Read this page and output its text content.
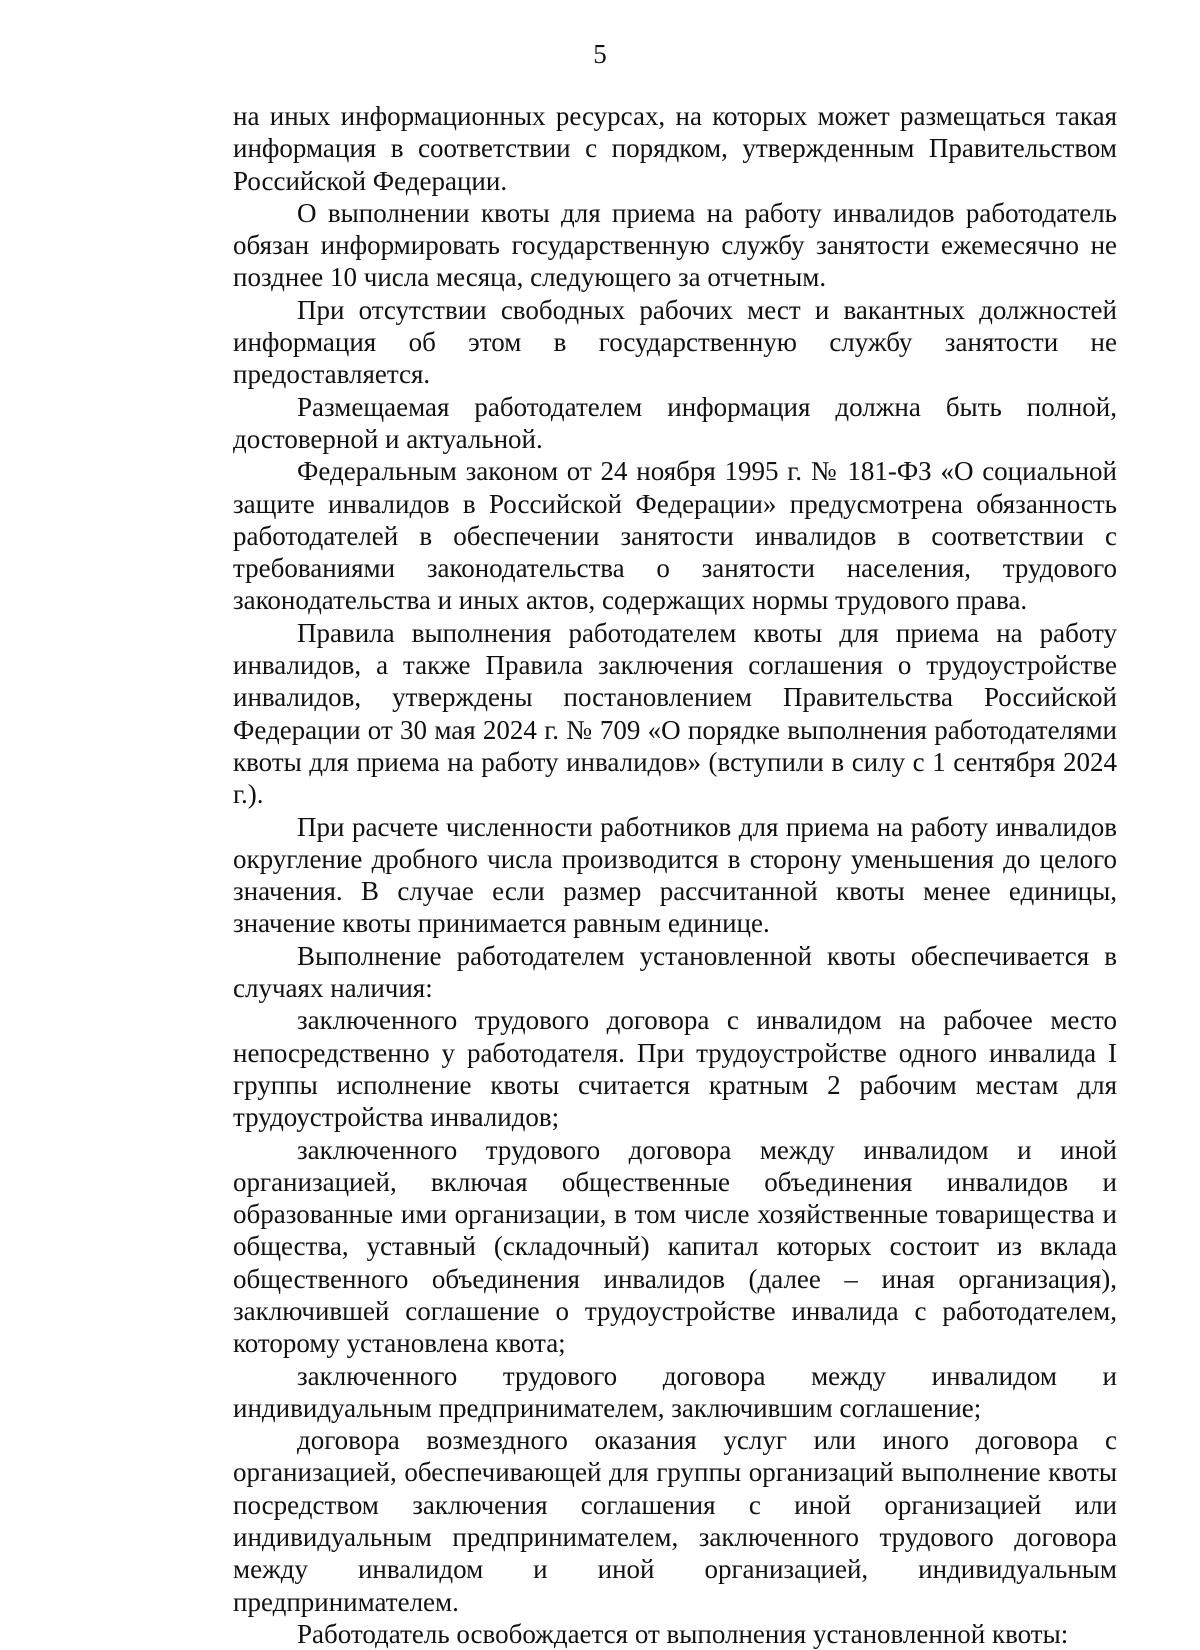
5

на иных информационных ресурсах, на которых может размещаться такая информация в соответствии с порядком, утвержденным Правительством Российской Федерации.

О выполнении квоты для приема на работу инвалидов работодатель обязан информировать государственную службу занятости ежемесячно не позднее 10 числа месяца, следующего за отчетным.

При отсутствии свободных рабочих мест и вакантных должностей информация об этом в государственную службу занятости не предоставляется.

Размещаемая работодателем информация должна быть полной, достоверной и актуальной.

Федеральным законом от 24 ноября 1995 г. № 181-ФЗ «О социальной защите инвалидов в Российской Федерации» предусмотрена обязанность работодателей в обеспечении занятости инвалидов в соответствии с требованиями законодательства о занятости населения, трудового законодательства и иных актов, содержащих нормы трудового права.

Правила выполнения работодателем квоты для приема на работу инвалидов, а также Правила заключения соглашения о трудоустройстве инвалидов, утверждены постановлением Правительства Российской Федерации от 30 мая 2024 г. № 709 «О порядке выполнения работодателями квоты для приема на работу инвалидов» (вступили в силу с 1 сентября 2024 г.).

При расчете численности работников для приема на работу инвалидов округление дробного числа производится в сторону уменьшения до целого значения. В случае если размер рассчитанной квоты менее единицы, значение квоты принимается равным единице.

Выполнение работодателем установленной квоты обеспечивается в случаях наличия:

заключенного трудового договора с инвалидом на рабочее место непосредственно у работодателя. При трудоустройстве одного инвалида I группы исполнение квоты считается кратным 2 рабочим местам для трудоустройства инвалидов;

заключенного трудового договора между инвалидом и иной организацией, включая общественные объединения инвалидов и образованные ими организации, в том числе хозяйственные товарищества и общества, уставный (складочный) капитал которых состоит из вклада общественного объединения инвалидов (далее – иная организация), заключившей соглашение о трудоустройстве инвалида с работодателем, которому установлена квота;

заключенного трудового договора между инвалидом и индивидуальным предпринимателем, заключившим соглашение;

договора возмездного оказания услуг или иного договора с организацией, обеспечивающей для группы организаций выполнение квоты посредством заключения соглашения с иной организацией или индивидуальным предпринимателем, заключенного трудового договора между инвалидом и иной организацией, индивидуальным предпринимателем.

Работодатель освобождается от выполнения установленной квоты:
